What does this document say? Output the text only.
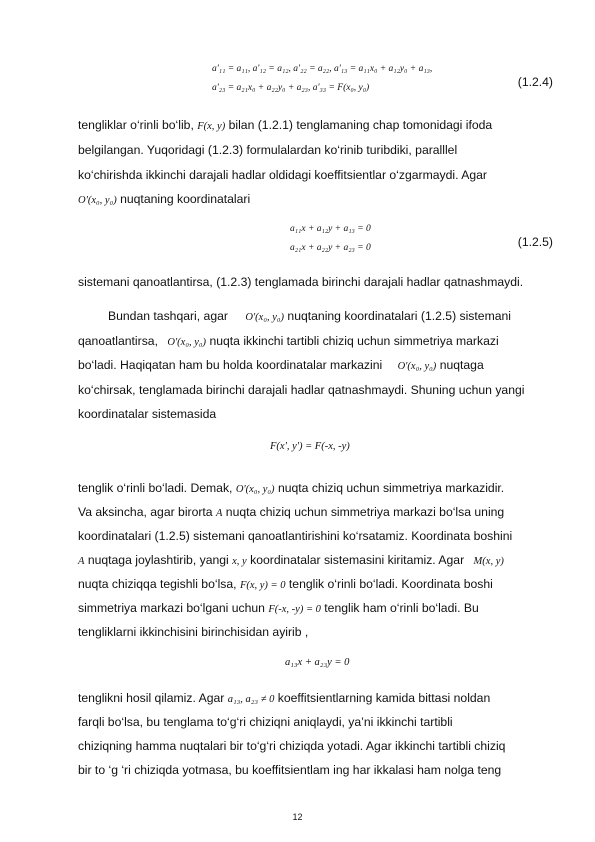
a'₁₁ = a₁₁, a'₁₂ = a₁₂, a'₂₂ = a₂₂, a'₁₃ = a₁₁x₀ + a₁₂y₀ + a₁₃,
a'₂₃ = a₂₁x₀ + a₂₂y₀ + a₂₃, a'₃₃ = F(x₀, y₀)	(1.2.4)
tengliklar o‘rinli bo‘lib, F(x, y) bilan (1.2.1) tenglamaning chap tomonidagi ifoda
belgilangan. Yuqoridagi (1.2.3) formulalardan ko‘rinib turibdiki, paralllel
ko‘chirishda ikkinchi darajali hadlar oldidagi koeffitsientlar o‘zgarmaydi. Agar
O'(x₀, y₀) nuqtaning koordinatalari
a₁₁x + a₁₂y + a₁₃ = 0
a₂₁x + a₂₂y + a₂₃ = 0	(1.2.5)
sistemani qanoatlantirsa, (1.2.3) tenglamada birinchi darajali hadlar qatnashmaydi.
Bundan tashqari, agar O'(x₀, y₀) nuqtaning koordinatalari (1.2.5) sistemani
qanoatlantirsa, O'(x₀, y₀) nuqta ikkinchi tartibli chiziq uchun simmetriya markazi
bo‘ladi. Haqiqatan ham bu holda koordinatalar markazini O'(x₀, y₀) nuqtaga
ko‘chirsak, tenglamada birinchi darajali hadlar qatnashmaydi. Shuning uchun yangi
koordinatalar sistemasida
F(x', y') = F(-x, -y)
tenglik o‘rinli bo‘ladi. Demak, O'(x₀, y₀) nuqta chiziq uchun simmetriya markazidir.
Va aksincha, agar birorta A nuqta chiziq uchun simmetriya markazi bo‘lsa uning
koordinatalari (1.2.5) sistemani qanoatlantirishini ko‘rsatamiz. Koordinata boshini
A nuqtaga joylashtirib, yangi x, y koordinatalar sistemasini kiritamiz. Agar M(x, y)
nuqta chiziqqa tegishli bo‘lsa, F(x, y) = 0 tenglik o‘rinli bo‘ladi. Koordinata boshi
simmetriya markazi bo‘lgani uchun F(-x, -y) = 0 tenglik ham o‘rinli bo‘ladi. Bu
tengliklarni ikkinchisini birinchisidan ayirib ,
a₁₃x + a₂₃y = 0
tenglikni hosil qilamiz. Agar a₁₃, a₂₃ ≠ 0 koeffitsientlarning kamida bittasi noldan
farqli bo‘lsa, bu tenglama to‘g‘ri chiziqni aniqlaydi, ya’ni ikkinchi tartibli
chiziqning hamma nuqtalari bir to‘g‘ri chiziqda yotadi. Agar ikkinchi tartibli chiziq
bir to ‘g ‘ri chiziqda yotmasa, bu koeffitsientlam ing har ikkalasi ham nolga teng
12
